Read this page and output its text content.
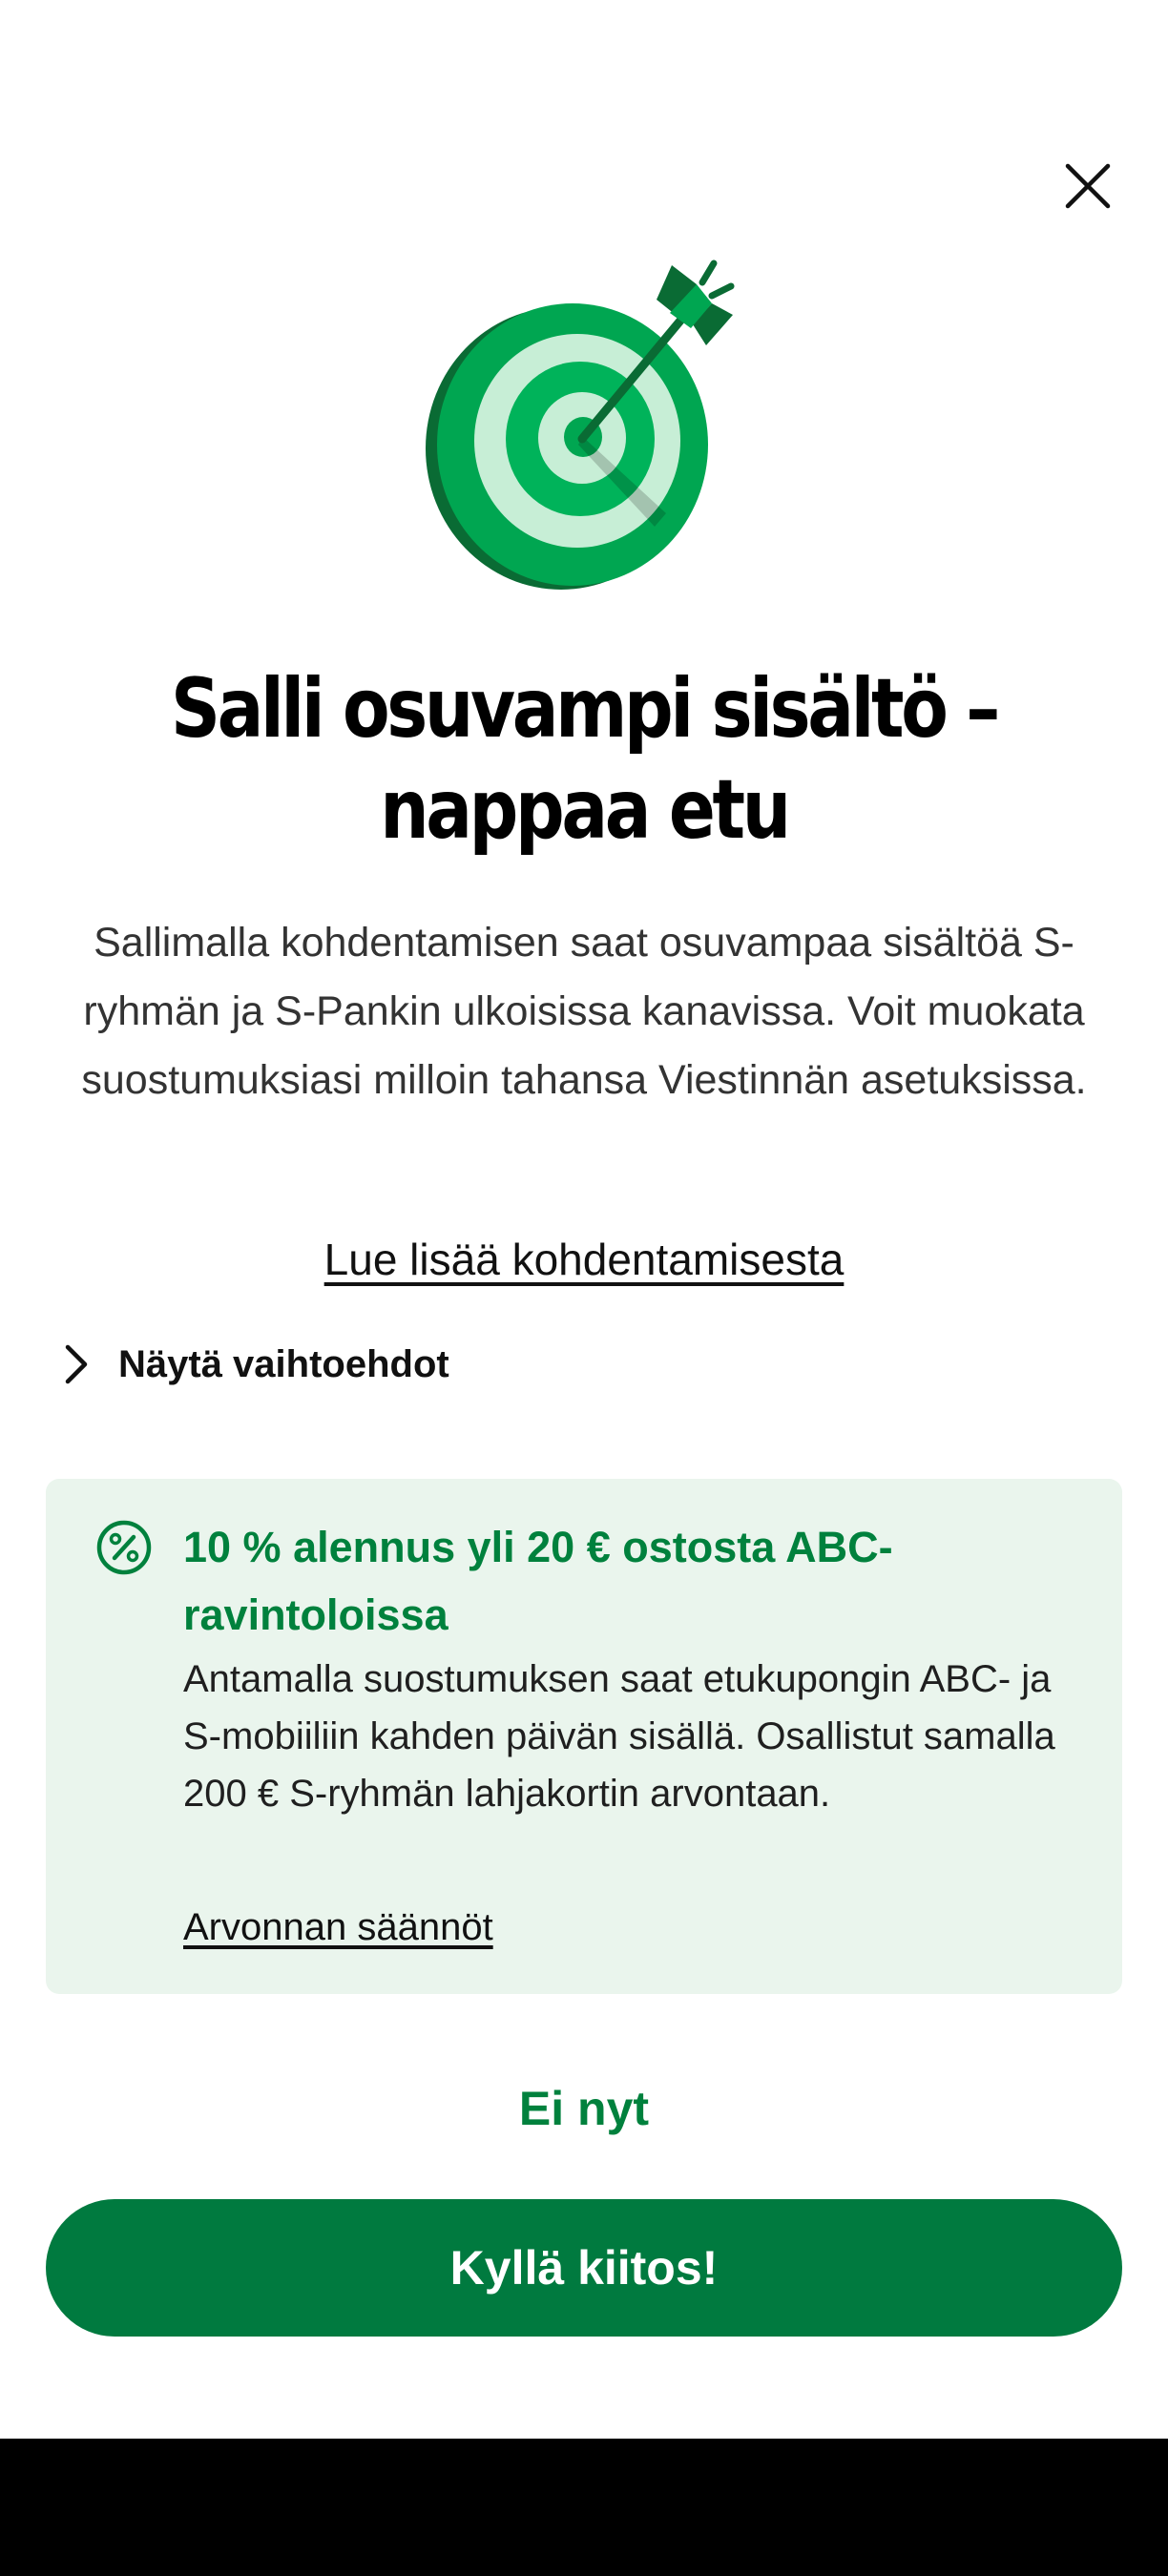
Salli osuvampi sisältö – nappaa etu

Sallimalla kohdentamisen saat osuvampaa sisältöä S-ryhmän ja S-Pankin ulkoisissa kanavissa. Voit muokata suostumuksiasi milloin tahansa Viestinnän asetuksissa.

Lue lisää kohdentamisesta
Näytä vaihtoehdot
10 % alennus yli 20 € ostosta ABC-ravintoloissa
Antamalla suostumuksen saat etukupongin ABC- ja S-mobiiliin kahden päivän sisällä. Osallistut samalla 200 € S-ryhmän lahjakortin arvontaan.
Arvonnan säännöt
Ei nyt
Kyllä kiitos!
